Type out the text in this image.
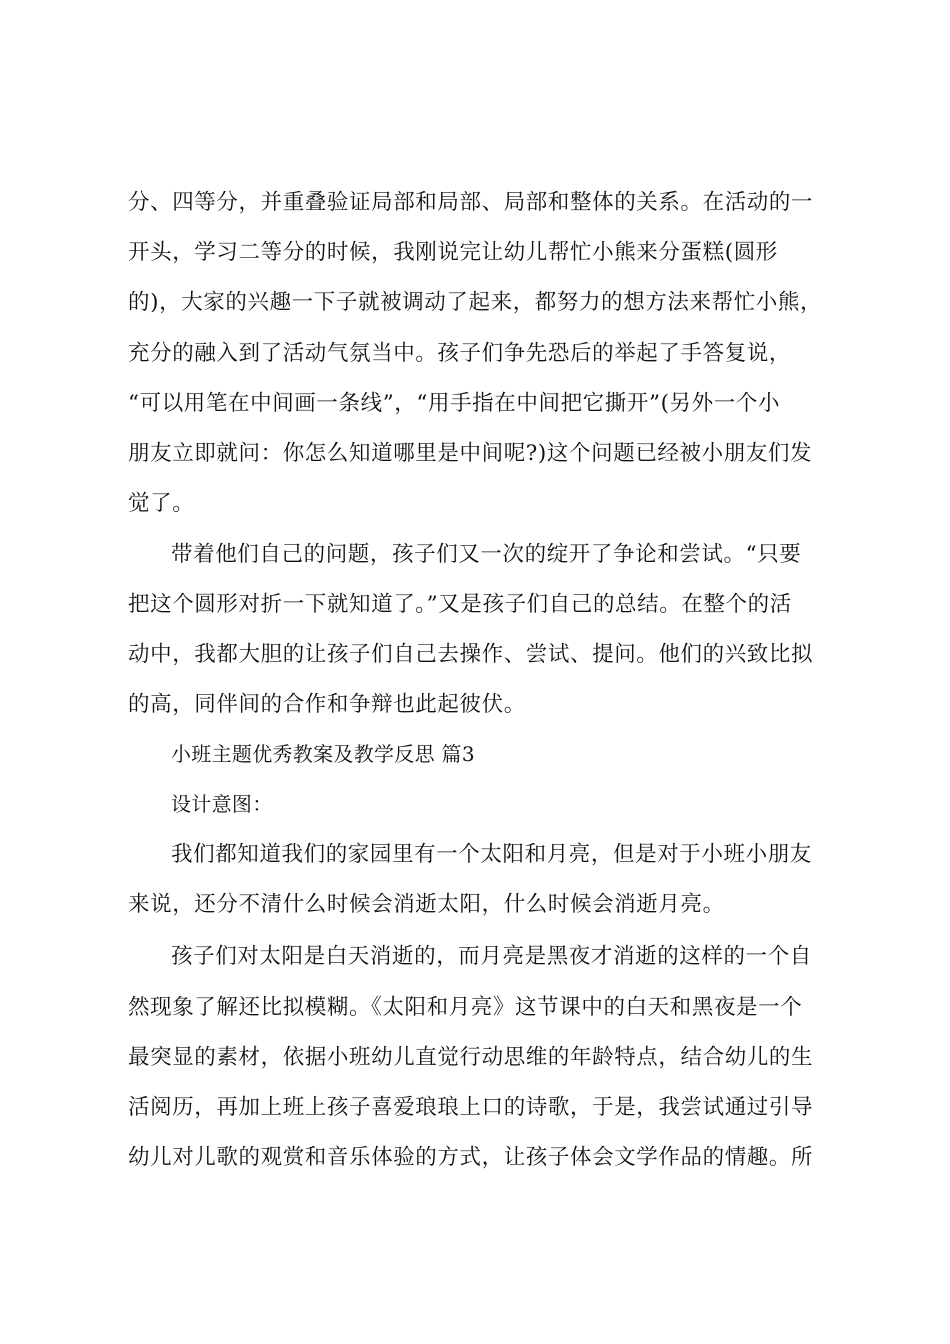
分、四等分，并重叠验证局部和局部、局部和整体的关系。在活动的一
开头，学习二等分的时候，我刚说完让幼儿帮忙小熊来分蛋糕(圆形
的)，大家的兴趣一下子就被调动了起来，都努力的想方法来帮忙小熊，
充分的融入到了活动气氛当中。孩子们争先恐后的举起了手答复说，
“可以用笔在中间画一条线”，“用手指在中间把它撕开”(另外一个小
朋友立即就问：你怎么知道哪里是中间呢?)这个问题已经被小朋友们发
觉了。
带着他们自己的问题，孩子们又一次的绽开了争论和尝试。“只要
把这个圆形对折一下就知道了。”又是孩子们自己的总结。在整个的活
动中，我都大胆的让孩子们自己去操作、尝试、提问。他们的兴致比拟
的高，同伴间的合作和争辩也此起彼伏。
小班主题优秀教案及教学反思 篇3
设计意图：
我们都知道我们的家园里有一个太阳和月亮，但是对于小班小朋友
来说，还分不清什么时候会消逝太阳，什么时候会消逝月亮。
孩子们对太阳是白天消逝的，而月亮是黑夜才消逝的这样的一个自
然现象了解还比拟模糊。《太阳和月亮》这节课中的白天和黑夜是一个
最突显的素材，依据小班幼儿直觉行动思维的年龄特点，结合幼儿的生
活阅历，再加上班上孩子喜爱琅琅上口的诗歌，于是，我尝试通过引导
幼儿对儿歌的观赏和音乐体验的方式，让孩子体会文学作品的情趣。所
